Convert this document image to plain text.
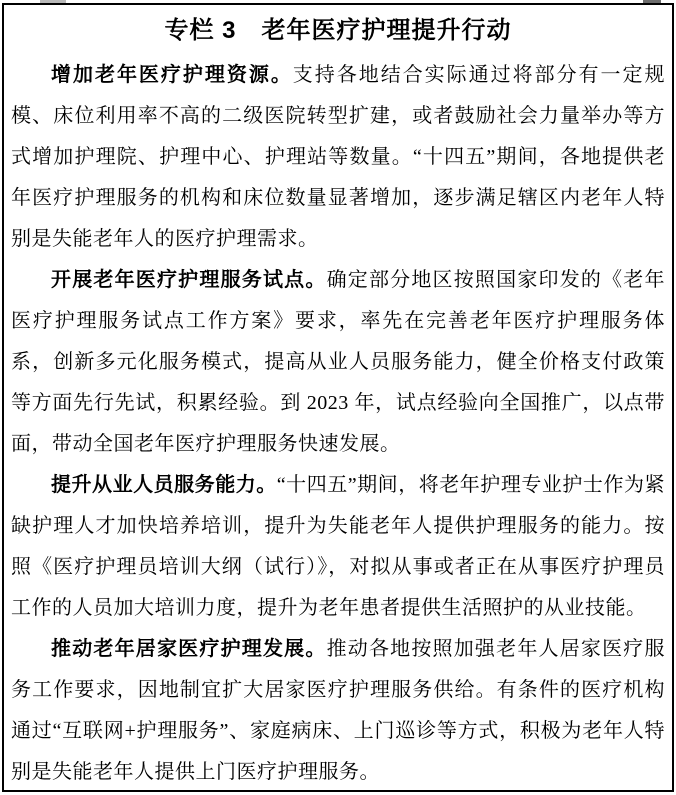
专栏 3　老年医疗护理提升行动

增加老年医疗护理资源。支持各地结合实际通过将部分有一定规模、床位利用率不高的二级医院转型扩建，或者鼓励社会力量举办等方式增加护理院、护理中心、护理站等数量。“十四五”期间，各地提供老年医疗护理服务的机构和床位数量显著增加，逐步满足辖区内老年人特别是失能老年人的医疗护理需求。

开展老年医疗护理服务试点。确定部分地区按照国家印发的《老年医疗护理服务试点工作方案》要求，率先在完善老年医疗护理服务体系，创新多元化服务模式，提高从业人员服务能力，健全价格支付政策等方面先行先试，积累经验。到 2023 年，试点经验向全国推广，以点带面，带动全国老年医疗护理服务快速发展。

提升从业人员服务能力。“十四五”期间，将老年护理专业护士作为紧缺护理人才加快培养培训，提升为失能老年人提供护理服务的能力。按照《医疗护理员培训大纲（试行）》，对拟从事或者正在从事医疗护理员工作的人员加大培训力度，提升为老年患者提供生活照护的从业技能。

推动老年居家医疗护理发展。推动各地按照加强老年人居家医疗服务工作要求，因地制宜扩大居家医疗护理服务供给。有条件的医疗机构通过“互联网+护理服务”、家庭病床、上门巡诊等方式，积极为老年人特别是失能老年人提供上门医疗护理服务。
